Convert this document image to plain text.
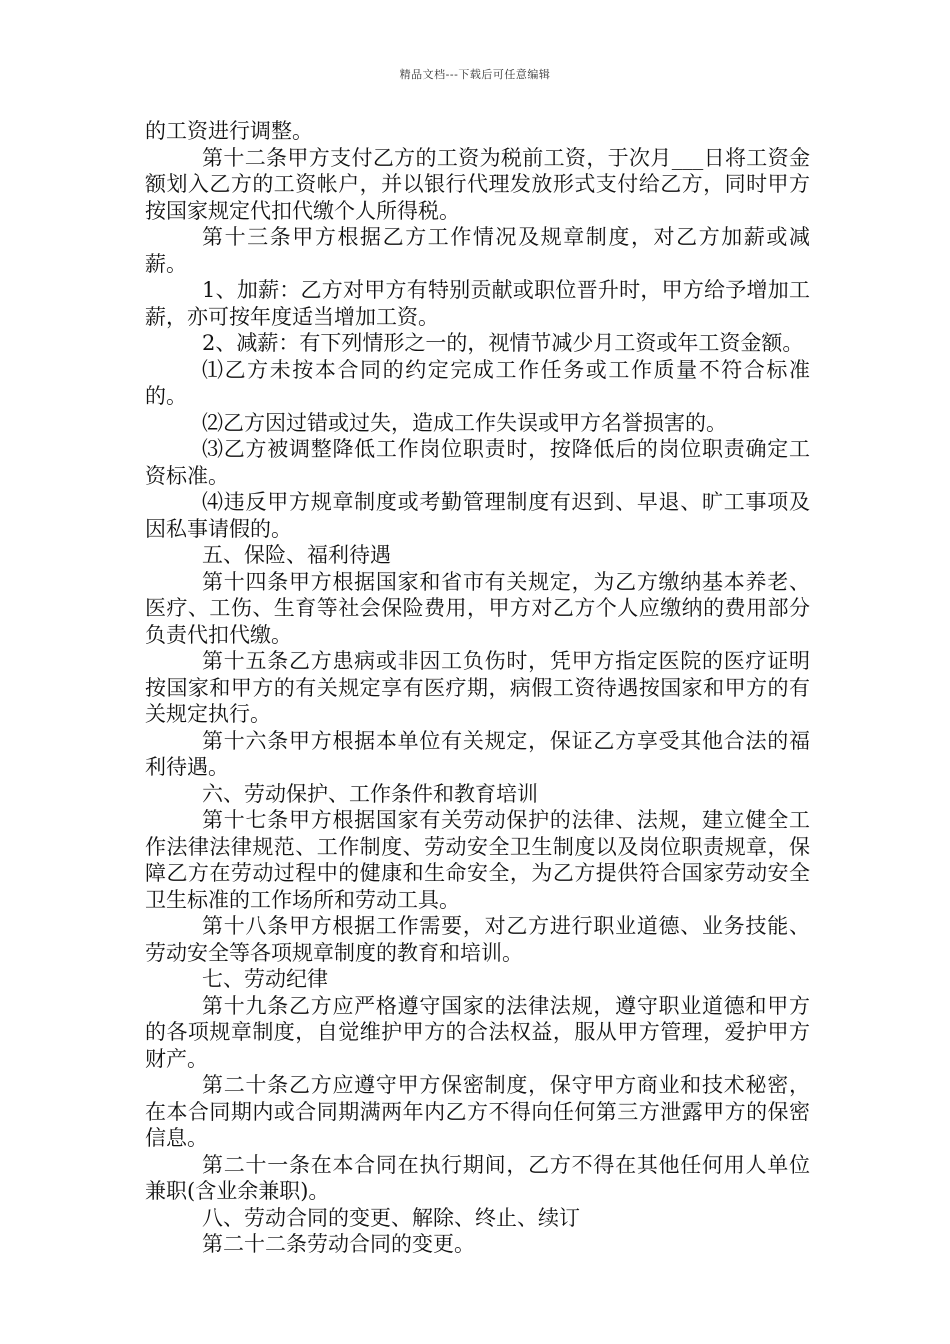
精品文档---下载后可任意编辑

的工资进行调整。

第十二条甲方支付乙方的工资为税前工资，于次月___日将工资金额划入乙方的工资帐户，并以银行代理发放形式支付给乙方，同时甲方按国家规定代扣代缴个人所得税。

第十三条甲方根据乙方工作情况及规章制度，对乙方加薪或减薪。

1、加薪：乙方对甲方有特别贡献或职位晋升时，甲方给予增加工薪，亦可按年度适当增加工资。

2、减薪：有下列情形之一的，视情节减少月工资或年工资金额。

⑴乙方未按本合同的约定完成工作任务或工作质量不符合标准的。

⑵乙方因过错或过失，造成工作失误或甲方名誉损害的。

⑶乙方被调整降低工作岗位职责时，按降低后的岗位职责确定工资标准。

⑷违反甲方规章制度或考勤管理制度有迟到、早退、旷工事项及因私事请假的。

五、保险、福利待遇

第十四条甲方根据国家和省市有关规定，为乙方缴纳基本养老、医疗、工伤、生育等社会保险费用，甲方对乙方个人应缴纳的费用部分负责代扣代缴。

第十五条乙方患病或非因工负伤时，凭甲方指定医院的医疗证明按国家和甲方的有关规定享有医疗期，病假工资待遇按国家和甲方的有关规定执行。

第十六条甲方根据本单位有关规定，保证乙方享受其他合法的福利待遇。

六、劳动保护、工作条件和教育培训

第十七条甲方根据国家有关劳动保护的法律、法规，建立健全工作法律法律规范、工作制度、劳动安全卫生制度以及岗位职责规章，保障乙方在劳动过程中的健康和生命安全，为乙方提供符合国家劳动安全卫生标准的工作场所和劳动工具。

第十八条甲方根据工作需要，对乙方进行职业道德、业务技能、劳动安全等各项规章制度的教育和培训。

七、劳动纪律

第十九条乙方应严格遵守国家的法律法规，遵守职业道德和甲方的各项规章制度，自觉维护甲方的合法权益，服从甲方管理，爱护甲方财产。

第二十条乙方应遵守甲方保密制度，保守甲方商业和技术秘密，在本合同期内或合同期满两年内乙方不得向任何第三方泄露甲方的保密信息。

第二十一条在本合同在执行期间，乙方不得在其他任何用人单位兼职(含业余兼职)。

八、劳动合同的变更、解除、终止、续订

第二十二条劳动合同的变更。
